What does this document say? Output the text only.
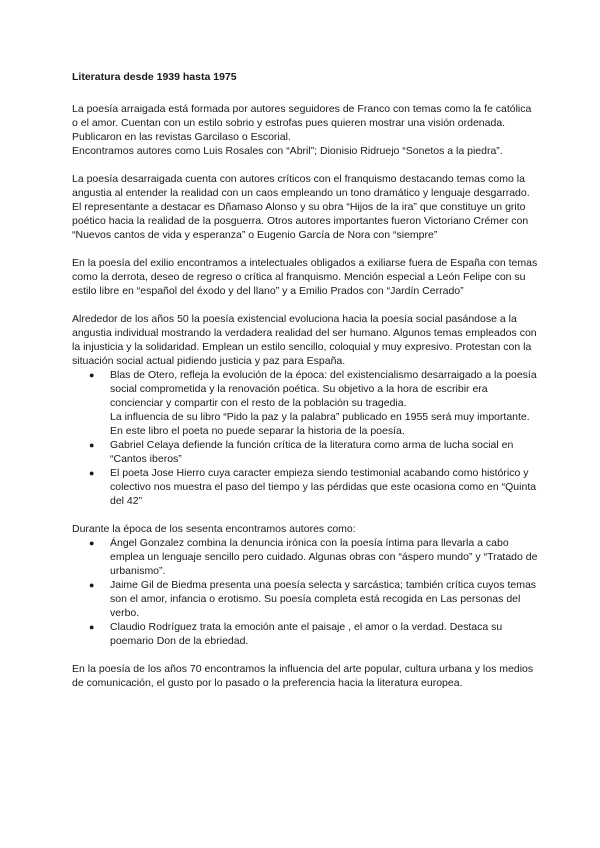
Literatura desde 1939 hasta 1975

La poesía arraigada está formada por autores seguidores de Franco con temas como la fe católica o el amor. Cuentan con un estilo sobrio y estrofas pues quieren mostrar una visión ordenada. Publicaron en las revistas Garcilaso o Escorial.
Encontramos autores como Luis Rosales con “Abril”; Dionisio Ridruejo “Sonetos a la piedra”.

La poesía desarraigada cuenta con autores críticos con el franquismo destacando temas como la angustia al entender la realidad con un caos empleando un tono dramático y lenguaje desgarrado. El representante a destacar es Dñamaso Alonso y su obra “Hijos de la ira” que constituye un grito poético hacia la realidad de la posguerra. Otros autores importantes fueron Victoriano Crémer con “Nuevos cantos de vida y esperanza” o Eugenio García de Nora con “siempre”

En la poesía del exilio encontramos a intelectuales obligados a exiliarse fuera de España con temas como la derrota, deseo de regreso o crítica al franquismo. Mención especial a León Felipe con su estilo libre en “español del éxodo y del llano” y a Emilio Prados con “Jardín Cerrado”

Alrededor de los años 50 la poesía existencial evoluciona hacia la poesía social pasándose a la angustia individual mostrando la verdadera realidad del ser humano. Algunos temas empleados con la injusticia y la solidaridad. Emplean un estilo sencillo, coloquial y muy expresivo. Protestan con la situación social actual pidiendo justicia y paz para España.

● Blas de Otero, refleja la evolución de la época: del existencialismo desarraigado a la poesía social comprometida y la renovación poética. Su objetivo a la hora de escribir era concienciar y compartir con el resto de la población su tragedia.
La influencia de su libro “Pido la paz y la palabra” publicado en 1955 será muy importante. En este libro el poeta no puede separar la historia de la poesía.
● Gabriel Celaya defiende la función crítica de la literatura como arma de lucha social en “Cantos iberos”
● El poeta Jose Hierro cuya caracter empieza siendo testimonial acabando como histórico y colectivo nos muestra el paso del tiempo y las pérdidas que este ocasiona como en “Quinta del 42”

Durante la época de los sesenta encontramos autores como:

● Ángel Gonzalez combina la denuncia irónica con la poesía íntima para llevarla a cabo emplea un lenguaje sencillo pero cuidado. Algunas obras con “áspero mundo” y “Tratado de urbanismo”.
● Jaime Gil de Biedma presenta una poesía selecta y sarcástica; también crítica cuyos temas son el amor, infancia o erotismo. Su poesía completa está recogida en Las personas del verbo.
● Claudio Rodríguez trata la emoción ante el paisaje , el amor o la verdad. Destaca su poemario Don de la ebriedad.

En la poesía de los años 70 encontramos la influencia del arte popular, cultura urbana y los medios de comunicación, el gusto por lo pasado o la preferencia hacia la literatura europea.
